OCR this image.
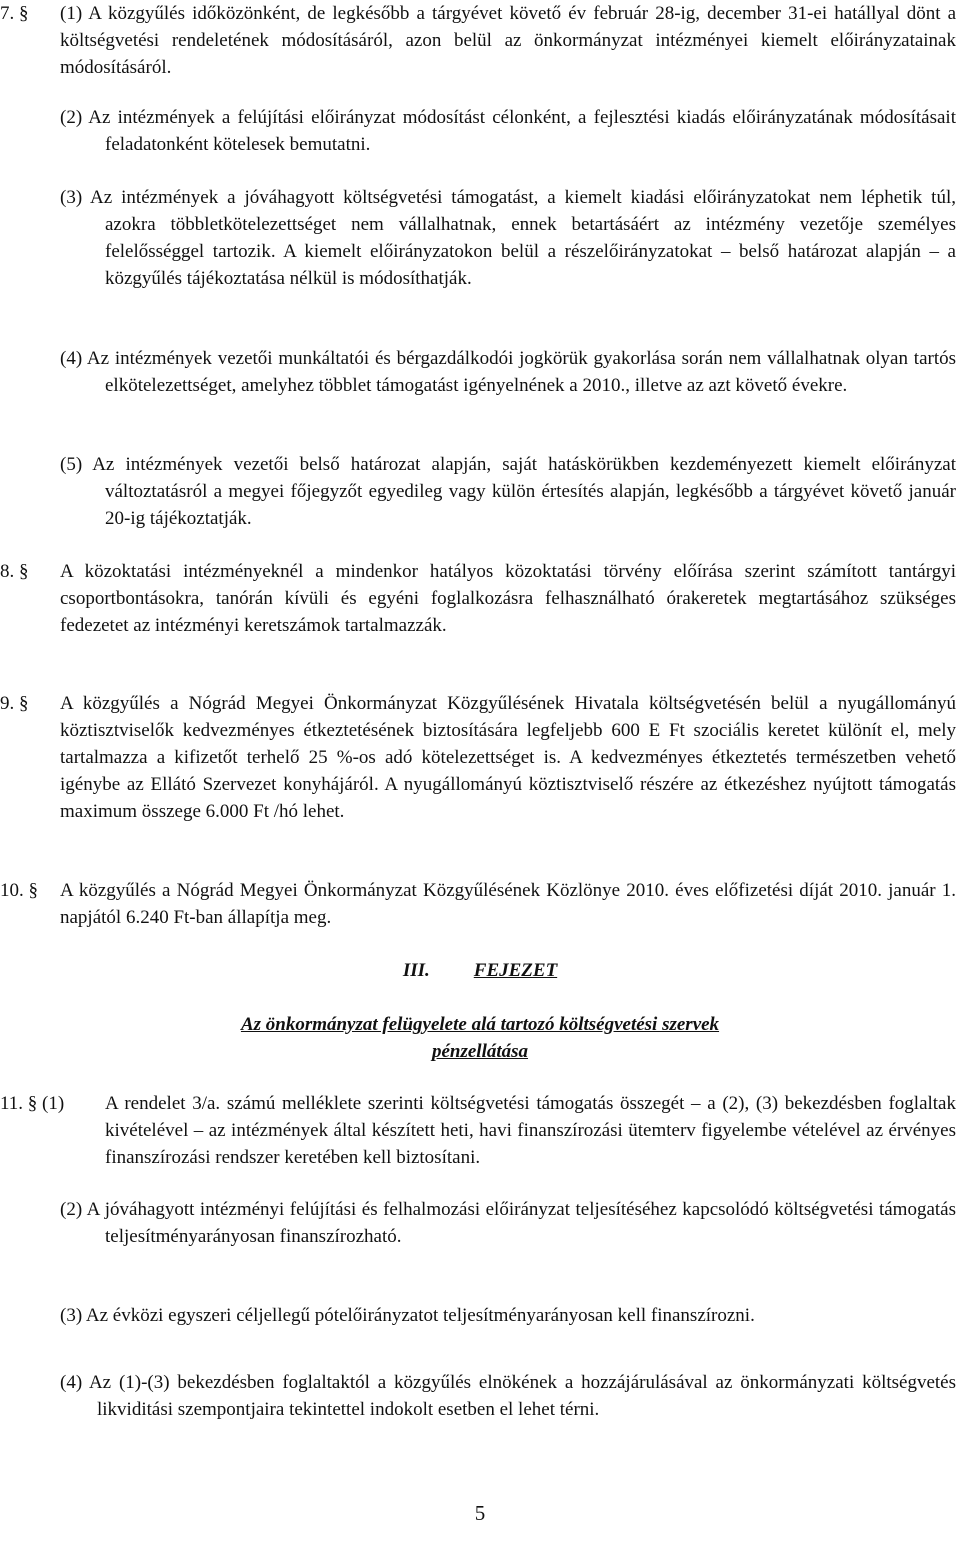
7. § (1) A közgyűlés időközönként, de legkésőbb a tárgyévet követő év február 28-ig, december 31-ei hatállyal dönt a költségvetési rendeletének módosításáról, azon belül az önkormányzat intézményei kiemelt előirányzatainak módosításáról.
(2) Az intézmények a felújítási előirányzat módosítást célonként, a fejlesztési kiadás előirányzatának módosításait feladatonként kötelesek bemutatni.
(3) Az intézmények a jóváhagyott költségvetési támogatást, a kiemelt kiadási előirányzatokat nem léphetik túl, azokra többletkötelezettséget nem vállalhatnak, ennek betartásáért az intézmény vezetője személyes felelősséggel tartozik. A kiemelt előirányzatokon belül a részelőirányzatokat – belső határozat alapján – a közgyűlés tájékoztatása nélkül is módosíthatják.
(4) Az intézmények vezetői munkáltatói és bérgazdálkodói jogkörük gyakorlása során nem vállalhatnak olyan tartós elkötelezettséget, amelyhez többlet támogatást igényelnének a 2010., illetve az azt követő évekre.
(5) Az intézmények vezetői belső határozat alapján, saját hatáskörükben kezdeményezett kiemelt előirányzat változtatásról a megyei főjegyzőt egyedileg vagy külön értesítés alapján, legkésőbb a tárgyévet követő január 20-ig tájékoztatják.
8. § A közoktatási intézményeknél a mindenkor hatályos közoktatási törvény előírása szerint számított tantárgyi csoportbontásokra, tanórán kívüli és egyéni foglalkozásra felhasználható órakeretek megtartásához szükséges fedezetet az intézményi keretszámok tartalmazzák.
9. § A közgyűlés a Nógrád Megyei Önkormányzat Közgyűlésének Hivatala költségvetésén belül a nyugállományú köztisztviselők kedvezményes étkeztetésének biztosítására legfeljebb 600 E Ft szociális keretet különít el, mely tartalmazza a kifizetőt terhelő 25 %-os adó kötelezettséget is. A kedvezményes étkeztetés természetben vehető igénybe az Ellátó Szervezet konyhájáról. A nyugállományú köztisztviselő részére az étkezéshez nyújtott támogatás maximum összege 6.000 Ft /hó lehet.
10. § A közgyűlés a Nógrád Megyei Önkormányzat Közgyűlésének Közlönye 2010. éves előfizetési díját 2010. január 1. napjától 6.240 Ft-ban állapítja meg.
III. FEJEZET
Az önkormányzat felügyelete alá tartozó költségvetési szervek
pénzellátása
11. § (1) A rendelet 3/a. számú melléklete szerinti költségvetési támogatás összegét – a (2), (3) bekezdésben foglaltak kivételével – az intézmények által készített heti, havi finanszírozási ütemterv figyelembe vételével az érvényes finanszírozási rendszer keretében kell biztosítani.
(2) A jóváhagyott intézményi felújítási és felhalmozási előirányzat teljesítéséhez kapcsolódó költségvetési támogatás teljesítményarányosan finanszírozható.
(3) Az évközi egyszeri céljellegű pótelőirányzatot teljesítményarányosan kell finanszírozni.
(4) Az (1)-(3) bekezdésben foglaltaktól a közgyűlés elnökének a hozzájárulásával az önkormányzati költségvetés likviditási szempontjaira tekintettel indokolt esetben el lehet térni.
5
